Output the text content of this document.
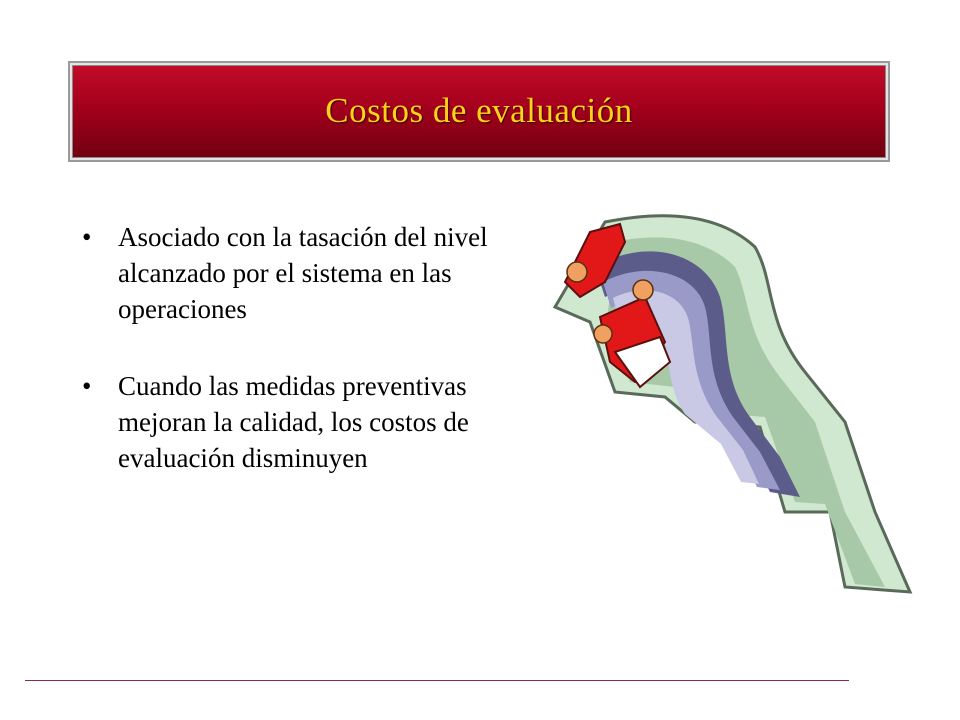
Costos de evaluación
• Asociado con la tasación del nivel alcanzado por el sistema en las operaciones
• Cuando las medidas preventivas mejoran la calidad, los costos de evaluación disminuyen
